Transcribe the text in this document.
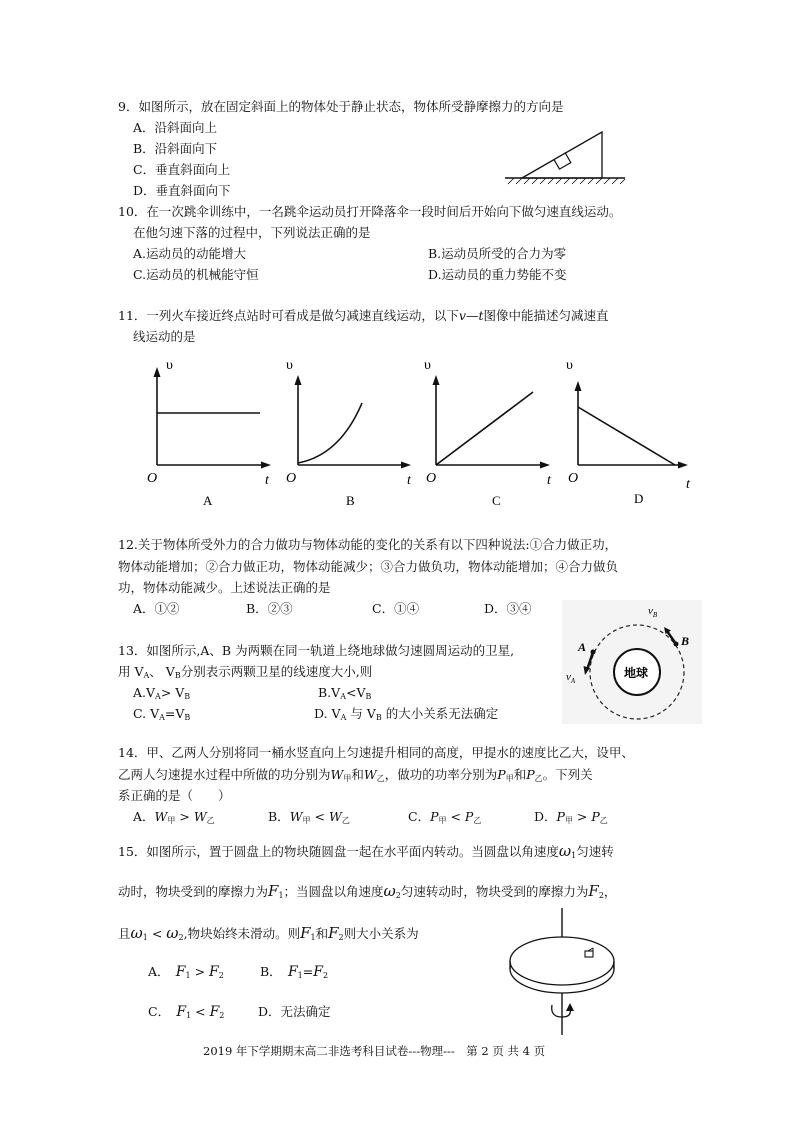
9．如图所示，放在固定斜面上的物体处于静止状态，物体所受静摩擦力的方向是
A．沿斜面向上
B．沿斜面向下
C．垂直斜面向上
D．垂直斜面向下
10．在一次跳伞训练中，一名跳伞运动员打开降落伞一段时间后开始向下做匀速直线运动。
在他匀速下落的过程中，下列说法正确的是
A.运动员的动能增大	B.运动员所受的合力为零
C.运动员的机械能守恒	D.运动员的重力势能不变
11．一列火车接近终点站时可看成是做匀减速直线运动，以下v—t图像中能描述匀减速直
线运动的是
υ
O	t
A
υ
O	t
B
υ
O	t
C
υ
O	t
D
12.关于物体所受外力的合力做功与物体动能的变化的关系有以下四种说法:①合力做正功，
物体动能增加；②合力做正功，物体动能减少；③合力做负功，物体动能增加；④合力做负
功，物体动能减少。上述说法正确的是
A．①②	B．②③	C．①④	D．③④
13．如图所示,A、B 为两颗在同一轨道上绕地球做匀速圆周运动的卫星,
用 $V_A$、 $V_B$分别表示两颗卫星的线速度大小,则
$A.V_A> V_B$	$B.V_A<V_B$
C. $V_A=V_B$	D. $V_A$ 与 $V_B$ 的大小关系无法确定
地球
A	B
$v_A$
$v_B$
14．甲、乙两人分别将同一桶水竖直向上匀速提升相同的高度，甲提水的速度比乙大，设甲、
乙两人匀速提水过程中所做的功分别为$W_甲$和$W_乙$，做功的功率分别为$P_甲$和$P_乙$。下列关
系正确的是（　　）
A．$W_甲 > W_乙$	B．$W_甲 < W_乙$	C．$P_甲 < P_乙$	D．$P_甲 > P_乙$
15．如图所示，置于圆盘上的物块随圆盘一起在水平面内转动。当圆盘以角速度$\omega_1$匀速转
动时，物块受到的摩擦力为$F_1$；当圆盘以角速度$\omega_2$匀速转动时，物块受到的摩擦力为$F_2$，
且$\omega_1 < \omega_2$,物块始终未滑动。则$F_1$和$F_2$则大小关系为
A．　 $F_1 > F_2$	B．　 $F_1=F_2$
C．　 $F_1 < F_2$	D．无法确定
2019 年下学期期末高二非选考科目试卷---物理---　第 2 页 共 4 页
